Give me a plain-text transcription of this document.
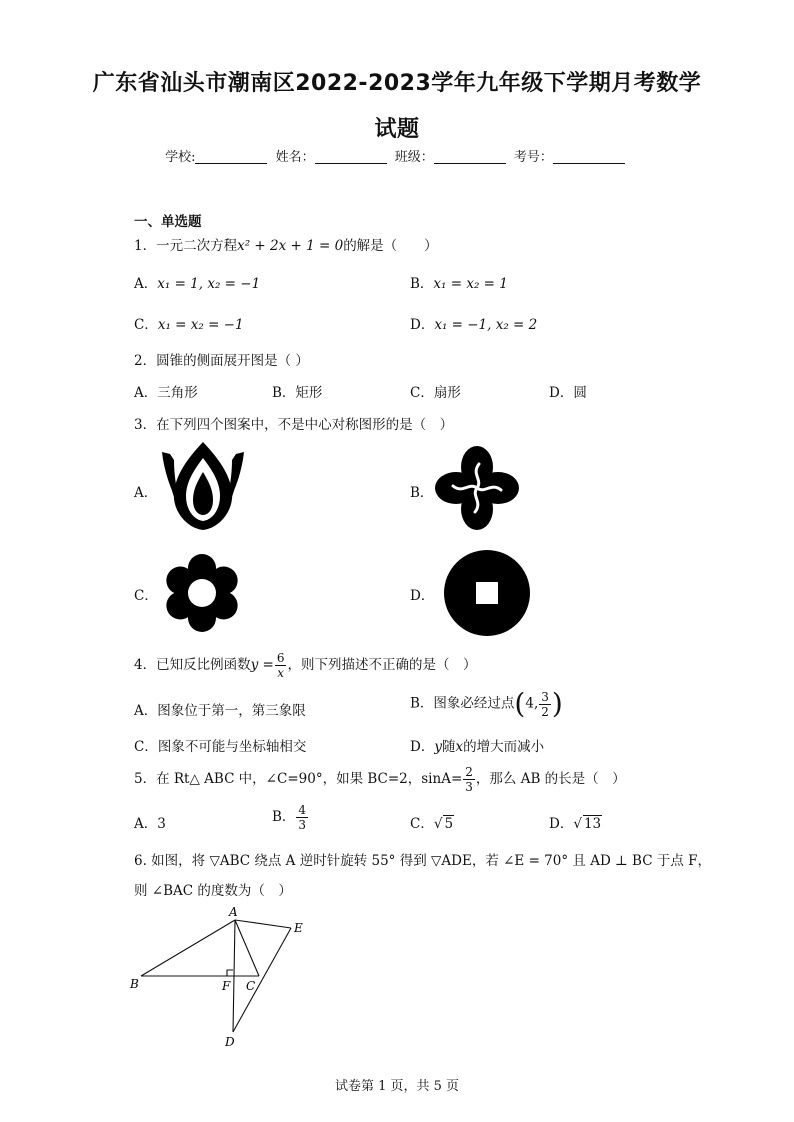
广东省汕头市潮南区2022-2023学年九年级下学期月考数学
试题
学校:	姓名：	班级：	考号：
一、单选题
1．一元二次方程x² + 2x + 1 = 0的解是（　　）
A．x₁ = 1, x₂ = −1	B．x₁ = x₂ = 1
C．x₁ = x₂ = −1	D．x₁ = −1, x₂ = 2
2．圆锥的侧面展开图是（ ）
A．三角形	B．矩形	C．扇形	D．圆
3．在下列四个图案中，不是中心对称图形的是（　）
A．	B．
C．	D．
4．已知反比例函数$y = \frac{6}{x}$ ，则下列描述不正确的是（　）
A．图象位于第一，第三象限	B．图象必经过点(4, $\frac{3}{2}$ )
C．图象不可能与坐标轴相交	D．y随x的增大而减小
5．在 Rt△ ABC 中，∠C=90°，如果 BC=2，$\sin A= \frac{2}{3}$ ，那么 AB 的长是（　）
A．3	B． $\frac{4}{3}$	C．√ 5	D．√ 13
6. 如图，将 ▽ABC 绕点 A 逆时针旋转 55° 得到 ▽ADE，若 ∠E = 70° 且 AD ⊥ BC 于点 F，
则 ∠BAC 的度数为（　）
A
B	C
D
E
F
试卷第 1 页，共 5 页
